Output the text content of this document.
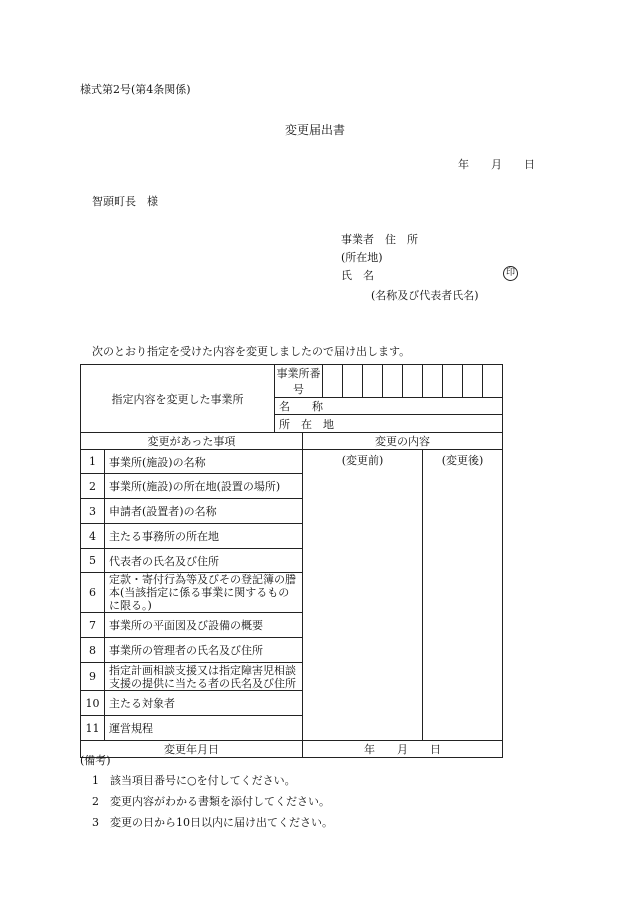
様式第2号(第4条関係)
変更届出書
年　　月　　日
智頭町長　様
事業者　住　所
(所在地)
氏　名	印
(名称及び代表者氏名)
次のとおり指定を受けた内容を変更しましたので届け出します。
指定内容を変更した事業所		事業所番号										
		名　　称										
		所　在　地										
変更があった事項			変更の内容									
1	事業所(施設)の名称		(変更前)						(変更後)			
2	事業所(施設)の所在地(設置の場所)											
3	申請者(設置者)の名称											
4	主たる事務所の所在地											
5	代表者の氏名及び住所											
6	定款・寄付行為等及びその登記簿の謄本(当該指定に係る事業に関するものに限る。)											
7	事業所の平面図及び設備の概要											
8	事業所の管理者の氏名及び住所											
9	指定計画相談支援又は指定障害児相談支援の提供に当たる者の氏名及び住所											
10	主たる対象者											
11	運営規程											
変更年月日			年　　月　　日									
(備考)
1　該当項目番号に○を付してください。
2　変更内容がわかる書類を添付してください。
3　変更の日から10日以内に届け出てください。
